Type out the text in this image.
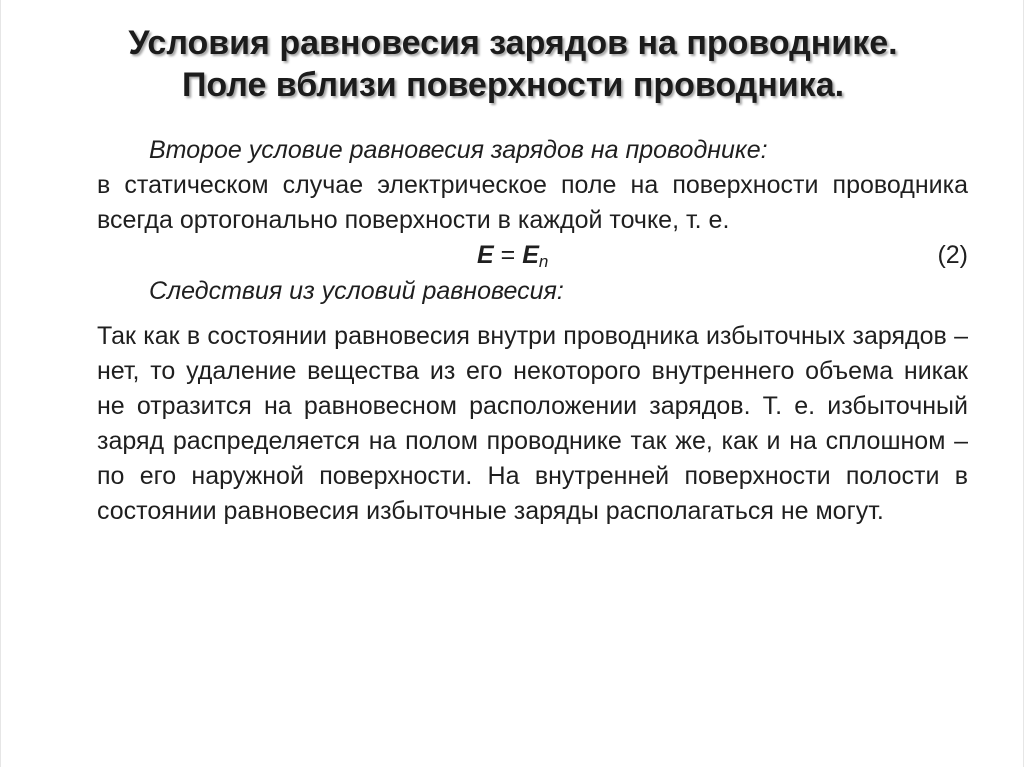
Условия равновесия зарядов на проводнике.
Поле вблизи поверхности проводника.

Второе условие равновесия зарядов на проводнике:

в статическом случае электрическое поле на поверхности проводника всегда ортогонально поверхности в каждой точке, т. е.

$E = E_n$	(2)

Следствия из условий равновесия:

Так как в состоянии равновесия внутри проводника избыточных зарядов – нет, то удаление вещества из его некоторого внутреннего объема никак не отразится на равновесном расположении зарядов. Т. е. избыточный заряд распределяется на полом проводнике так же, как и на сплошном – по его наружной поверхности. На внутренней поверхности полости в состоянии равновесия избыточные заряды располагаться не могут.
